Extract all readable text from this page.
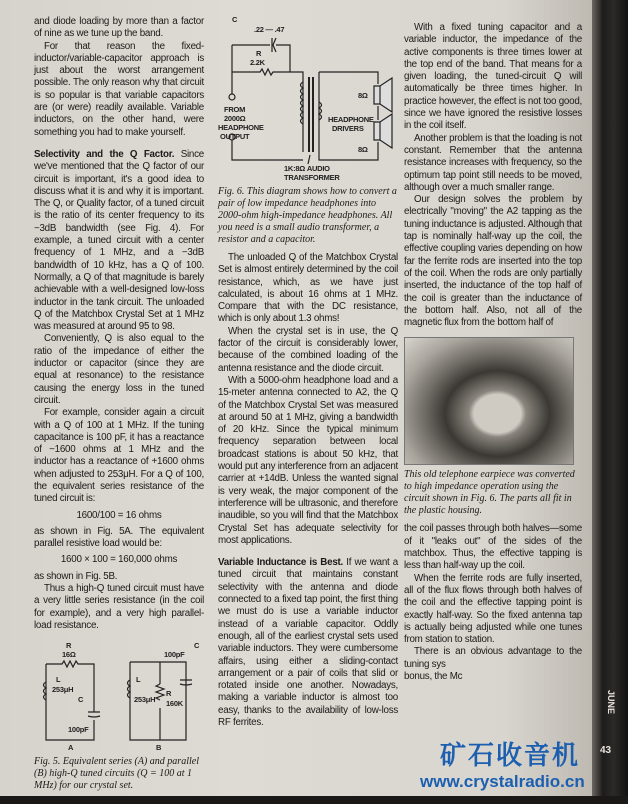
and diode loading by more than a factor of nine as we tune up the band.

For that reason the fixed-inductor/variable-capacitor approach is just about the worst arrangement possible. The only reason why that circuit is so popular is that variable capacitors are (or were) readily available. Variable inductors, on the other hand, were something you had to make yourself.

Selectivity and the Q Factor. Since we've mentioned that the Q factor of our circuit is important, it's a good idea to discuss what it is and why it is important. The Q, or Quality factor, of a tuned circuit is the ratio of its center frequency to its −3dB bandwidth (see Fig. 4). For example, a tuned circuit with a center frequency of 1 MHz, and a −3dB bandwidth of 10 kHz, has a Q of 100. Normally, a Q of that magnitude is barely achievable with a well-designed low-loss inductor in the tank circuit. The unloaded Q of the Matchbox Crystal Set at 1 MHz was measured at around 95 to 98.

Conveniently, Q is also equal to the ratio of the impedance of either the inductor or capacitor (since they are equal at resonance) to the resistance causing the energy loss in the tuned circuit.

For example, consider again a circuit with a Q of 100 at 1 MHz. If the tuning capacitance is 100 pF, it has a reactance of −1600 ohms at 1 MHz and the inductor has a reactance of +1600 ohms when adjusted to 253μH. For a Q of 100, the equivalent series resistance of the tuned circuit is:

1600/100 = 16 ohms

as shown in Fig. 5A. The equivalent parallel resistive load would be:

1600 × 100 = 160,000 ohms

as shown in Fig. 5B.

Thus a high-Q tuned circuit must have a very little series resistance (in the coil for example), and a very high parallel-load resistance.

R
16Ω
L
253μH
C
100pF
A
C
100pF
L
253μH
R
160K
B
Fig. 5. Equivalent series (A) and parallel (B) high-Q tuned circuits (Q = 100 at 1 MHz) for our crystal set.
C
.22 — .47
R
2.2K
FROM
2000Ω
HEADPHONE
OUTPUT
HEADPHONE
DRIVERS
8Ω
8Ω
1K:8Ω AUDIO
TRANSFORMER
Fig. 6. This diagram shows how to convert a pair of low impedance headphones into 2000-ohm high-impedance headphones. All you need is a small audio transformer, a resistor and a capacitor.

The unloaded Q of the Matchbox Crystal Set is almost entirely determined by the coil resistance, which, as we have just calculated, is about 16 ohms at 1 MHz. Compare that with the DC resistance, which is only about 1.3 ohms!

When the crystal set is in use, the Q factor of the circuit is considerably lower, because of the combined loading of the antenna resistance and the diode circuit.

With a 5000-ohm headphone load and a 15-meter antenna connected to A2, the Q of the Matchbox Crystal Set was measured at around 50 at 1 MHz, giving a bandwidth of 20 kHz. Since the typical minimum frequency separation between local broadcast stations is about 50 kHz, that would put any interference from an adjacent carrier at +14dB. Unless the wanted signal is very weak, the major component of the interference will be ultrasonic, and therefore inaudible, so you will find that the Matchbox Crystal Set has adequate selectivity for most applications.

Variable Inductance is Best. If we want a tuned circuit that maintains constant selectivity with the antenna and diode connected to a fixed tap point, the first thing we must do is use a variable inductor instead of a variable capacitor. Oddly enough, all of the earliest crystal sets used variable inductors. They were cumbersome affairs, using either a sliding-contact arrangement or a pair of coils that slid or rotated inside one another. Nowadays, making a variable inductor is almost too easy, thanks to the availability of low-loss RF ferrites.

With a fixed tuning capacitor and a variable inductor, the impedance of the active components is three times lower at the top end of the band. That means for a given loading, the tuned-circuit Q will automatically be three times higher. In practice however, the effect is not too good, since we have ignored the resistive losses in the coil itself.

Another problem is that the loading is not constant. Remember that the antenna resistance increases with frequency, so the optimum tap point still needs to be moved, although over a much smaller range.

Our design solves the problem by electrically "moving" the A2 tapping as the tuning inductance is adjusted. Although that tap is nominally half-way up the coil, the effective coupling varies depending on how far the ferrite rods are inserted into the top of the coil. When the rods are only partially inserted, the inductance of the top half of the coil is greater than the inductance of the bottom half. Also, not all of the magnetic flux from the bottom half of

This old telephone earpiece was converted to high impedance operation using the circuit shown in Fig. 6. The parts all fit in the plastic housing.

the coil passes through both halves—some of it "leaks out" of the sides of the matchbox. Thus, the effective tapping is less than half-way up the coil.

When the ferrite rods are fully inserted, all of the flux flows through both halves of the coil and the effective tapping point is exactly half-way. So the fixed antenna tap is actually being adjusted while one tunes from station to station.

There is an obvious advantage to the tuning sys

bonus, the Mc

JUNE
43
矿石收音机
www.crystalradio.cn
